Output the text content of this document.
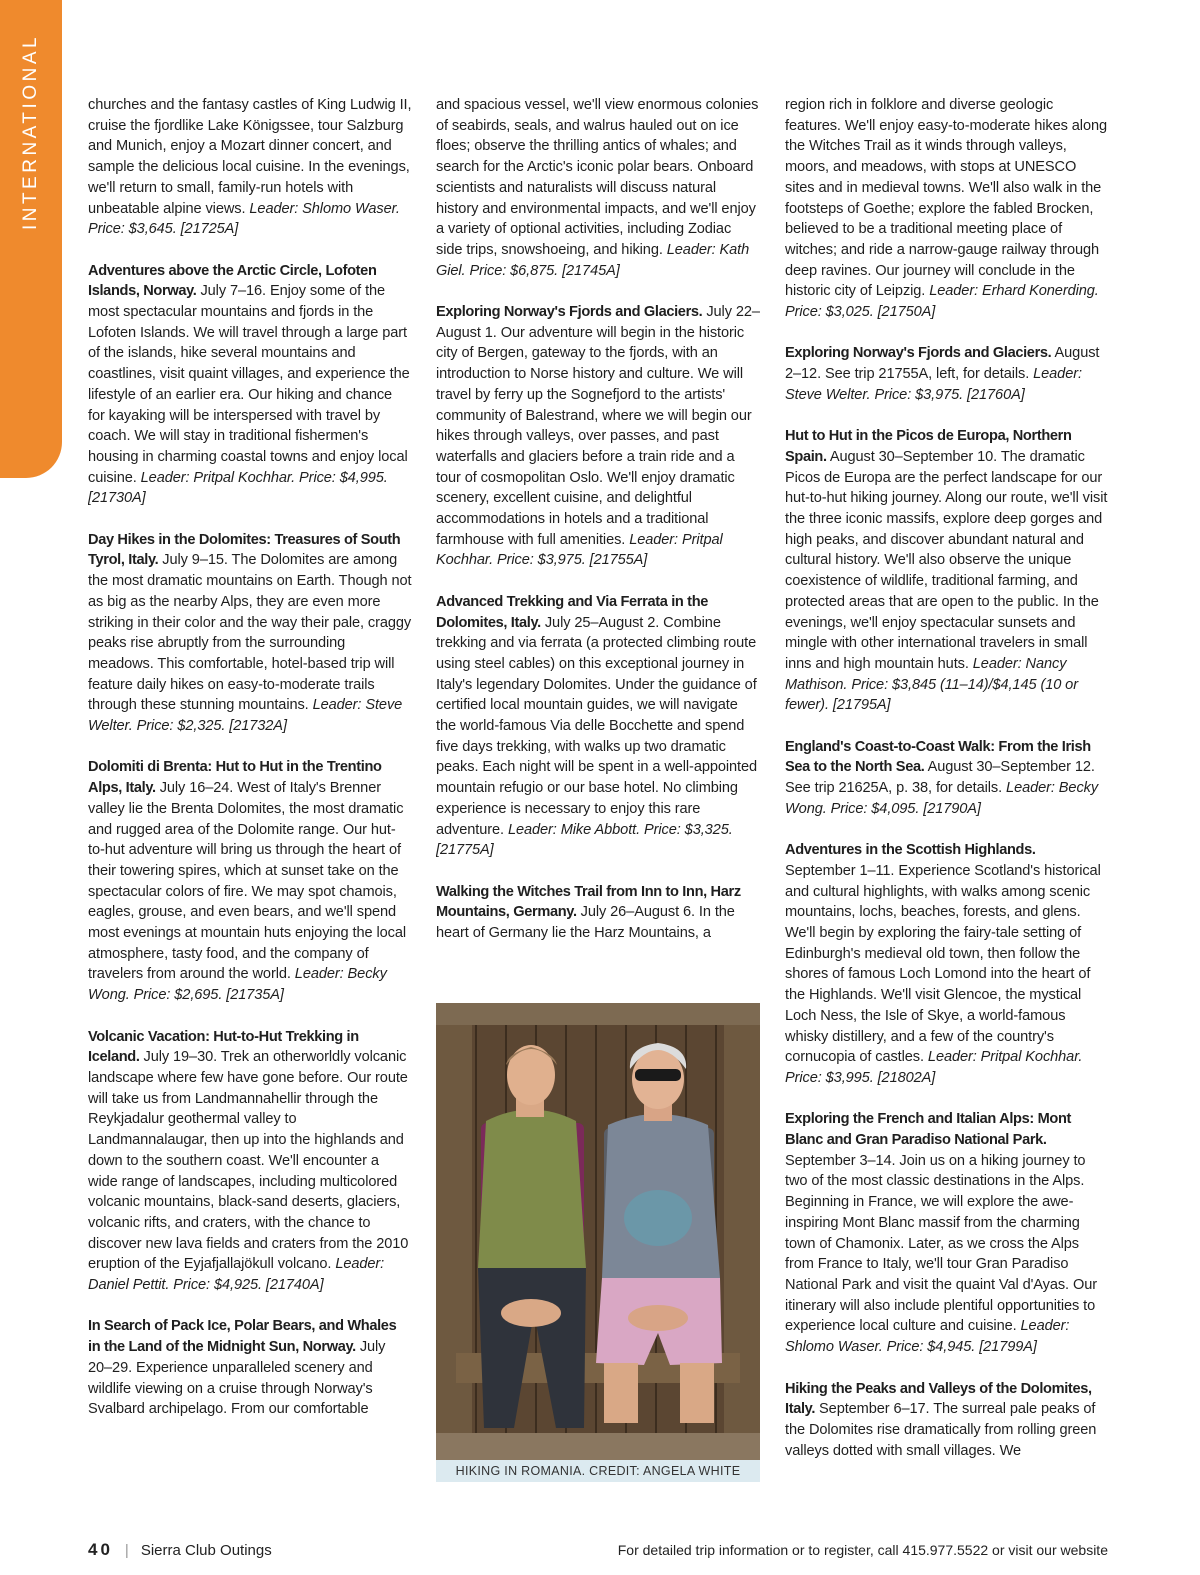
INTERNATIONAL	churches and the fantasy castles of King Ludwig II, cruise the fjordlike Lake Königssee, tour Salzburg and Munich, enjoy a Mozart dinner concert, and sample the delicious local cuisine. In the evenings, we'll return to small, family-run hotels with unbeatable alpine views. Leader: Shlomo Waser. Price: $3,645. [21725A]

Adventures above the Arctic Circle, Lofoten Islands, Norway. July 7–16. Enjoy some of the most spectacular mountains and fjords in the Lofoten Islands. We will travel through a large part of the islands, hike several mountains and coastlines, visit quaint villages, and experience the lifestyle of an earlier era. Our hiking and chance for kayaking will be interspersed with travel by coach. We will stay in traditional fishermen's housing in charming coastal towns and enjoy local cuisine. Leader: Pritpal Kochhar. Price: $4,995. [21730A]

Day Hikes in the Dolomites: Treasures of South Tyrol, Italy. July 9–15. The Dolomites are among the most dramatic mountains on Earth. Though not as big as the nearby Alps, they are even more striking in their color and the way their pale, craggy peaks rise abruptly from the surrounding meadows. This comfortable, hotel-based trip will feature daily hikes on easy-to-moderate trails through these stunning mountains. Leader: Steve Welter. Price: $2,325. [21732A]

Dolomiti di Brenta: Hut to Hut in the Trentino Alps, Italy. July 16–24. West of Italy's Brenner valley lie the Brenta Dolomites, the most dramatic and rugged area of the Dolomite range. Our hut-to-hut adventure will bring us through the heart of their towering spires, which at sunset take on the spectacular colors of fire. We may spot chamois, eagles, grouse, and even bears, and we'll spend most evenings at mountain huts enjoying the local atmosphere, tasty food, and the company of travelers from around the world. Leader: Becky Wong. Price: $2,695. [21735A]

Volcanic Vacation: Hut-to-Hut Trekking in Iceland. July 19–30. Trek an otherworldly volcanic landscape where few have gone before. Our route will take us from Landmannahellir through the Reykjadalur geothermal valley to Landmannalaugar, then up into the highlands and down to the southern coast. We'll encounter a wide range of landscapes, including multicolored volcanic mountains, black-sand deserts, glaciers, volcanic rifts, and craters, with the chance to discover new lava fields and craters from the 2010 eruption of the Eyjafjallajökull volcano. Leader: Daniel Pettit. Price: $4,925. [21740A]

In Search of Pack Ice, Polar Bears, and Whales in the Land of the Midnight Sun, Norway. July 20–29. Experience unparalleled scenery and wildlife viewing on a cruise through Norway's Svalbard archipelago. From our comfortable

and spacious vessel, we'll view enormous colonies of seabirds, seals, and walrus hauled out on ice floes; observe the thrilling antics of whales; and search for the Arctic's iconic polar bears. Onboard scientists and naturalists will discuss natural history and environmental impacts, and we'll enjoy a variety of optional activities, including Zodiac side trips, snowshoeing, and hiking. Leader: Kath Giel. Price: $6,875. [21745A]

Exploring Norway's Fjords and Glaciers. July 22–August 1. Our adventure will begin in the historic city of Bergen, gateway to the fjords, with an introduction to Norse history and culture. We will travel by ferry up the Sognefjord to the artists' community of Balestrand, where we will begin our hikes through valleys, over passes, and past waterfalls and glaciers before a train ride and a tour of cosmopolitan Oslo. We'll enjoy dramatic scenery, excellent cuisine, and delightful accommodations in hotels and a traditional farmhouse with full amenities. Leader: Pritpal Kochhar. Price: $3,975. [21755A]

Advanced Trekking and Via Ferrata in the Dolomites, Italy. July 25–August 2. Combine trekking and via ferrata (a protected climbing route using steel cables) on this exceptional journey in Italy's legendary Dolomites. Under the guidance of certified local mountain guides, we will navigate the world-famous Via delle Bocchette and spend five days trekking, with walks up two dramatic peaks. Each night will be spent in a well-appointed mountain refugio or our base hotel. No climbing experience is necessary to enjoy this rare adventure. Leader: Mike Abbott. Price: $3,325. [21775A]

Walking the Witches Trail from Inn to Inn, Harz Mountains, Germany. July 26–August 6. In the heart of Germany lie the Harz Mountains, a

region rich in folklore and diverse geologic features. We'll enjoy easy-to-moderate hikes along the Witches Trail as it winds through valleys, moors, and meadows, with stops at UNESCO sites and in medieval towns. We'll also walk in the footsteps of Goethe; explore the fabled Brocken, believed to be a traditional meeting place of witches; and ride a narrow-gauge railway through deep ravines. Our journey will conclude in the historic city of Leipzig. Leader: Erhard Konerding. Price: $3,025. [21750A]

Exploring Norway's Fjords and Glaciers. August 2–12. See trip 21755A, left, for details. Leader: Steve Welter. Price: $3,975. [21760A]

Hut to Hut in the Picos de Europa, Northern Spain. August 30–September 10. The dramatic Picos de Europa are the perfect landscape for our hut-to-hut hiking journey. Along our route, we'll visit the three iconic massifs, explore deep gorges and high peaks, and discover abundant natural and cultural history. We'll also observe the unique coexistence of wildlife, traditional farming, and protected areas that are open to the public. In the evenings, we'll enjoy spectacular sunsets and mingle with other international travelers in small inns and high mountain huts. Leader: Nancy Mathison. Price: $3,845 (11–14)/$4,145 (10 or fewer). [21795A]

England's Coast-to-Coast Walk: From the Irish Sea to the North Sea. August 30–September 12. See trip 21625A, p. 38, for details. Leader: Becky Wong. Price: $4,095. [21790A]

Adventures in the Scottish Highlands. September 1–11. Experience Scotland's historical and cultural highlights, with walks among scenic mountains, lochs, beaches, forests, and glens. We'll begin by exploring the fairy-tale setting of Edinburgh's medieval old town, then follow the shores of famous Loch Lomond into the heart of the Highlands. We'll visit Glencoe, the mystical Loch Ness, the Isle of Skye, a world-famous whisky distillery, and a few of the country's cornucopia of castles. Leader: Pritpal Kochhar. Price: $3,995. [21802A]

Exploring the French and Italian Alps: Mont Blanc and Gran Paradiso National Park. September 3–14. Join us on a hiking journey to two of the most classic destinations in the Alps. Beginning in France, we will explore the awe-inspiring Mont Blanc massif from the charming town of Chamonix. Later, as we cross the Alps from France to Italy, we'll tour Gran Paradiso National Park and visit the quaint Val d'Ayas. Our itinerary will also include plentiful opportunities to experience local culture and cuisine. Leader: Shlomo Waser. Price: $4,945. [21799A]

Hiking the Peaks and Valleys of the Dolomites, Italy. September 6–17. The surreal pale peaks of the Dolomites rise dramatically from rolling green valleys dotted with small villages. We

HIKING IN ROMANIA. CREDIT: ANGELA WHITE
40 | Sierra Club Outings	For detailed trip information or to register, call 415.977.5522 or visit our website
